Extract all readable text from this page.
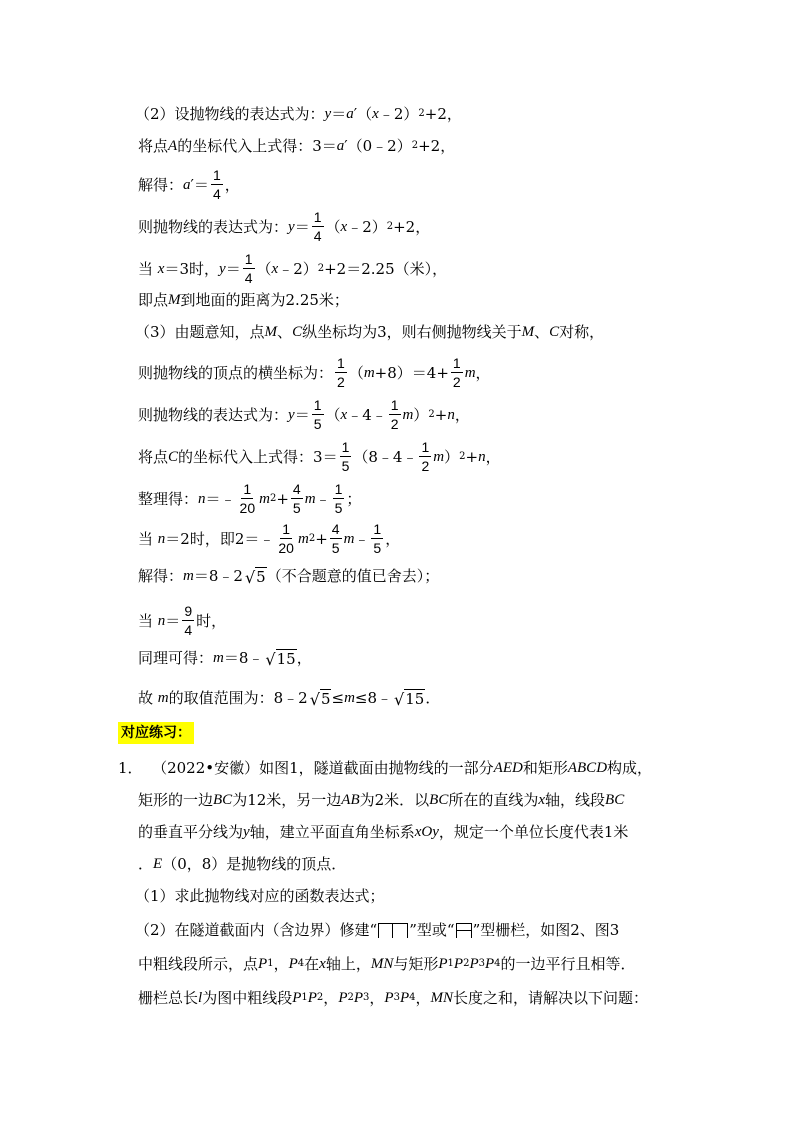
（2）设抛物线的表达式为： y ＝ a ′ （ x ﹣2） 2 +2，
将点 A 的坐标代入上式得：3＝ a ′ （0﹣2） 2 +2，
解得： a ′ ＝ $\frac{1}{4}$ ，
则抛物线的表达式为： $y = \frac{1}{4}$ （ x ﹣2） 2 +2，
当
x ＝3时， $y = \frac{1}{4}$ （ x ﹣2） 2 +2＝2.25（米），
即点 M 到地面的距离为2.25米；
（3）由题意知，点 M 、 C 纵坐标均为3，则右侧抛物线关于 M 、 C 对称，
则抛物线的顶点的横坐标为： $\frac{1}{2}$ （ $m +8)=4+ \frac{1}{2}$ m ，
则抛物线的表达式为： $y = \frac{1}{5}$ （ x ﹣4﹣ $\frac{1}{2}$ m ） 2 + n ，
将点 C 的坐标代入上式得：$3= \frac{1}{5}$ （8﹣4﹣ $\frac{1}{2}$ m ） 2 + n ，
整理得： n ＝﹣ $\frac{1}{20}$ m $2 + \frac{4}{5}$ m ﹣ $\frac{1}{5}$ ；
当
n ＝2时，即2＝﹣ $\frac{1}{20}$ m $2 + \frac{4}{5}$ m ﹣ $\frac{1}{5}$ ，
解得： m ＝8﹣2 √ 5 （不合题意的值已舍去）；
当
$n = \frac{9}{4}$ 时，
同理可得： m ＝8﹣ √ 15 ，
故
m 的取值范围为：8﹣2 √ 5 ≤ m ≤8﹣ √ 15 ．
对应练习：
1．
（2022•安徽）如图1，隧道截面由抛物线的一部分 AED 和矩形 ABCD 构成，
矩形的一边 BC 为12米，另一边 AB 为2米．以 BC 所在的直线为 x 轴，线段 BC
的垂直平分线为 y 轴，建立平面直角坐标系 xOy ，规定一个单位长度代表1米
． E （0，8）是抛物线的顶点．
（1）求此抛物线对应的函数表达式；
（2）在隧道截面内（含边界）修建“ ”型或“ ”型栅栏，如图2、图3
中粗线段所示，点 P 1 ， P 4 在 x 轴上， MN 与矩形 P 1 P 2 P 3 P 4 的一边平行且相等．
栅栏总长 l 为图中粗线段 P 1 P 2 ， P 2 P 3 ， P 3 P 4 ， MN 长度之和，请解决以下问题：
